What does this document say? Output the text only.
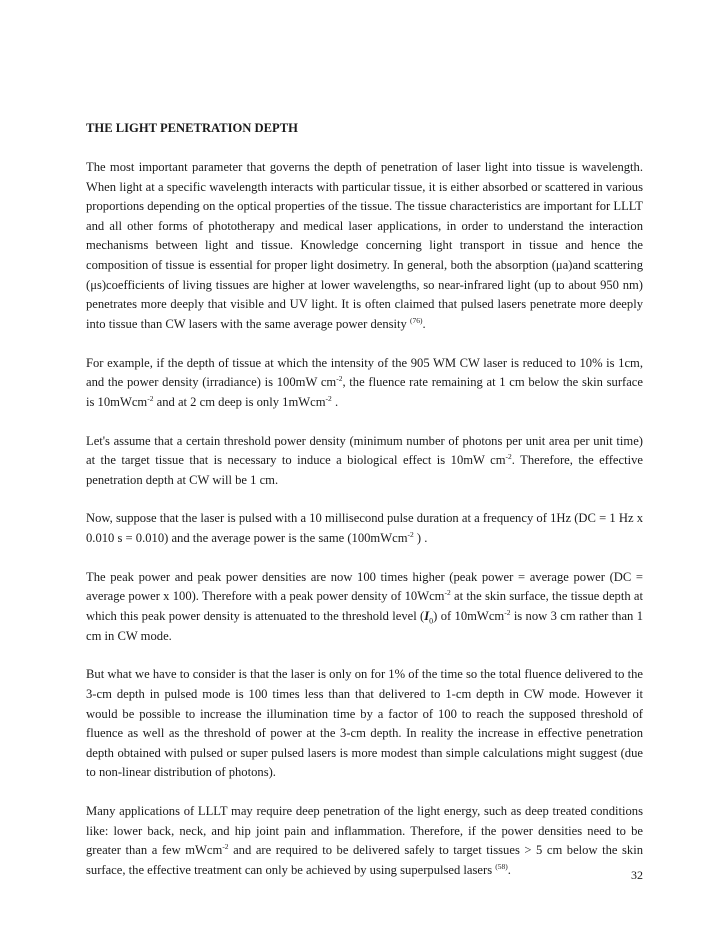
THE LIGHT PENETRATION DEPTH

The most important parameter that governs the depth of penetration of laser light into tissue is wavelength. When light at a specific wavelength interacts with particular tissue, it is either absorbed or scattered in various proportions depending on the optical properties of the tissue. The tissue characteristics are important for LLLT and all other forms of phototherapy and medical laser applications, in order to understand the interaction mechanisms between light and tissue. Knowledge concerning light transport in tissue and hence the composition of tissue is essential for proper light dosimetry. In general, both the absorption (μa)and scattering (μs)coefficients of living tissues are higher at lower wavelengths, so near-infrared light (up to about 950 nm) penetrates more deeply that visible and UV light. It is often claimed that pulsed lasers penetrate more deeply into tissue than CW lasers with the same average power density $^{(76)}$.

For example, if the depth of tissue at which the intensity of the 905 WM CW laser is reduced to 10% is 1cm, and the power density (irradiance) is 100mW $cm^{-2}$, the fluence rate remaining at 1 cm below the skin surface is 10mWcm$^{-2}$ and at 2 cm deep is only 1mWcm$^{-2}$ .

Let's assume that a certain threshold power density (minimum number of photons per unit area per unit time) at the target tissue that is necessary to induce a biological effect is 10mW $cm^{-2}$. Therefore, the effective penetration depth at CW will be 1 cm.

Now, suppose that the laser is pulsed with a 10 millisecond pulse duration at a frequency of 1Hz (DC = 1 Hz x 0.010 s = 0.010) and the average power is the same (100mWcm$^{-2}$ ) .

The peak power and peak power densities are now 100 times higher (peak power = average power (DC = average power x 100). Therefore with a peak power density of 10Wcm$^{-2}$ at the skin surface, the tissue depth at which this peak power density is attenuated to the threshold level $(I_0)$ of 10mWcm$^{-2}$ is now 3 cm rather than 1 cm in CW mode.

But what we have to consider is that the laser is only on for 1% of the time so the total fluence delivered to the 3-cm depth in pulsed mode is 100 times less than that delivered to 1-cm depth in CW mode. However it would be possible to increase the illumination time by a factor of 100 to reach the supposed threshold of fluence as well as the threshold of power at the 3-cm depth. In reality the increase in effective penetration depth obtained with pulsed or super pulsed lasers is more modest than simple calculations might suggest (due to non-linear distribution of photons).

Many applications of LLLT may require deep penetration of the light energy, such as deep treated conditions like: lower back, neck, and hip joint pain and inflammation. Therefore, if the power densities need to be greater than a few mWcm$^{-2}$ and are required to be delivered safely to target tissues > 5 cm below the skin surface, the effective treatment can only be achieved by using superpulsed lasers $^{(58)}$.	32
